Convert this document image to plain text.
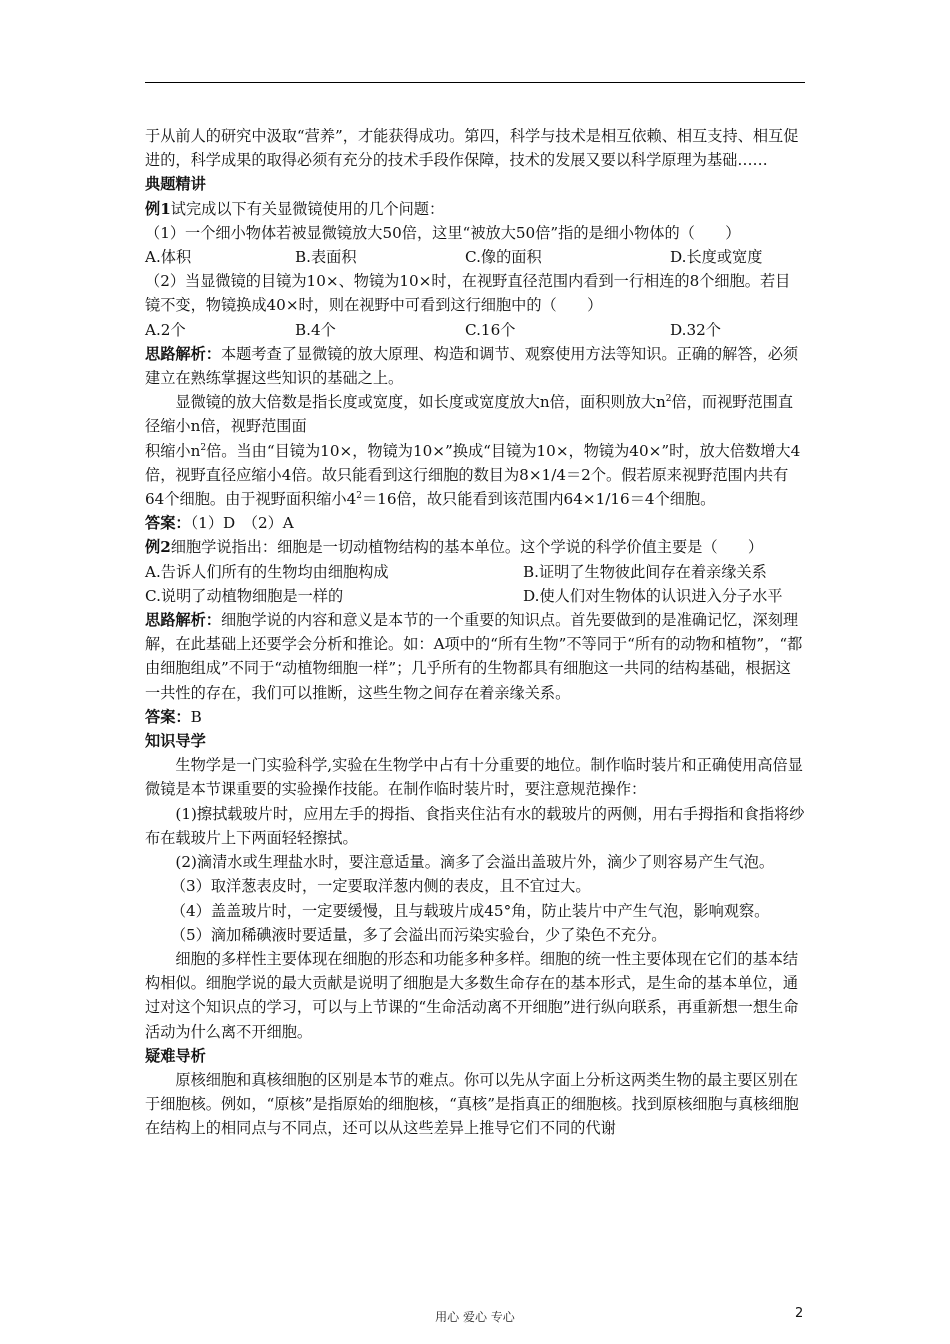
于从前人的研究中汲取“营养”，才能获得成功。第四，科学与技术是相互依赖、相互支持、相互促进的，科学成果的取得必须有充分的技术手段作保障，技术的发展又要以科学原理为基础……

典题精讲

例1试完成以下有关显微镜使用的几个问题：

（1）一个细小物体若被显微镜放大50倍，这里“被放大50倍”指的是细小物体的（　　）

A.体积	B.表面积	C.像的面积	D.长度或宽度

（2）当显微镜的目镜为10×、物镜为10×时，在视野直径范围内看到一行相连的8个细胞。若目镜不变，物镜换成40×时，则在视野中可看到这行细胞中的（　　）

A.2个	B.4个	C.16个	D.32个

思路解析：本题考查了显微镜的放大原理、构造和调节、观察使用方法等知识。正确的解答，必须建立在熟练掌握这些知识的基础之上。

显微镜的放大倍数是指长度或宽度，如长度或宽度放大n倍，面积则放大$n^2$倍，而视野范围直径缩小n倍，视野范围面

积缩小$n^2$倍。当由“目镜为10×，物镜为10×”换成“目镜为10×，物镜为40×”时，放大倍数增大4倍，视野直径应缩小4倍。故只能看到这行细胞的数目为8×1/4＝2个。假若原来视野范围内共有64个细胞。由于视野面积缩小$4^2=16$倍，故只能看到该范围内64×1/16＝4个细胞。

答案：（1）D　（2）A

例2细胞学说指出：细胞是一切动植物结构的基本单位。这个学说的科学价值主要是（　　）

A.告诉人们所有的生物均由细胞构成	B.证明了生物彼此间存在着亲缘关系
C.说明了动植物细胞是一样的	D.使人们对生物体的认识进入分子水平

思路解析：细胞学说的内容和意义是本节的一个重要的知识点。首先要做到的是准确记忆，深刻理解，在此基础上还要学会分析和推论。如：A项中的“所有生物”不等同于“所有的动物和植物”，“都由细胞组成”不同于“动植物细胞一样”；几乎所有的生物都具有细胞这一共同的结构基础，根据这一共性的存在，我们可以推断，这些生物之间存在着亲缘关系。

答案：B

知识导学

生物学是一门实验科学,实验在生物学中占有十分重要的地位。制作临时装片和正确使用高倍显微镜是本节课重要的实验操作技能。在制作临时装片时，要注意规范操作：

(1)擦拭载玻片时，应用左手的拇指、食指夹住沾有水的载玻片的两侧，用右手拇指和食指将纱布在载玻片上下两面轻轻擦拭。

(2)滴清水或生理盐水时，要注意适量。滴多了会溢出盖玻片外，滴少了则容易产生气泡。

（3）取洋葱表皮时，一定要取洋葱内侧的表皮，且不宜过大。

（4）盖盖玻片时，一定要缓慢，且与载玻片成45°角，防止装片中产生气泡，影响观察。

（5）滴加稀碘液时要适量，多了会溢出而污染实验台，少了染色不充分。

细胞的多样性主要体现在细胞的形态和功能多种多样。细胞的统一性主要体现在它们的基本结构相似。细胞学说的最大贡献是说明了细胞是大多数生命存在的基本形式，是生命的基本单位，通过对这个知识点的学习，可以与上节课的“生命活动离不开细胞”进行纵向联系，再重新想一想生命活动为什么离不开细胞。

疑难导析

原核细胞和真核细胞的区别是本节的难点。你可以先从字面上分析这两类生物的最主要区别在于细胞核。例如，“原核”是指原始的细胞核，“真核”是指真正的细胞核。找到原核细胞与真核细胞在结构上的相同点与不同点，还可以从这些差异上推导它们不同的代谢

用心 爱心 专心	2
